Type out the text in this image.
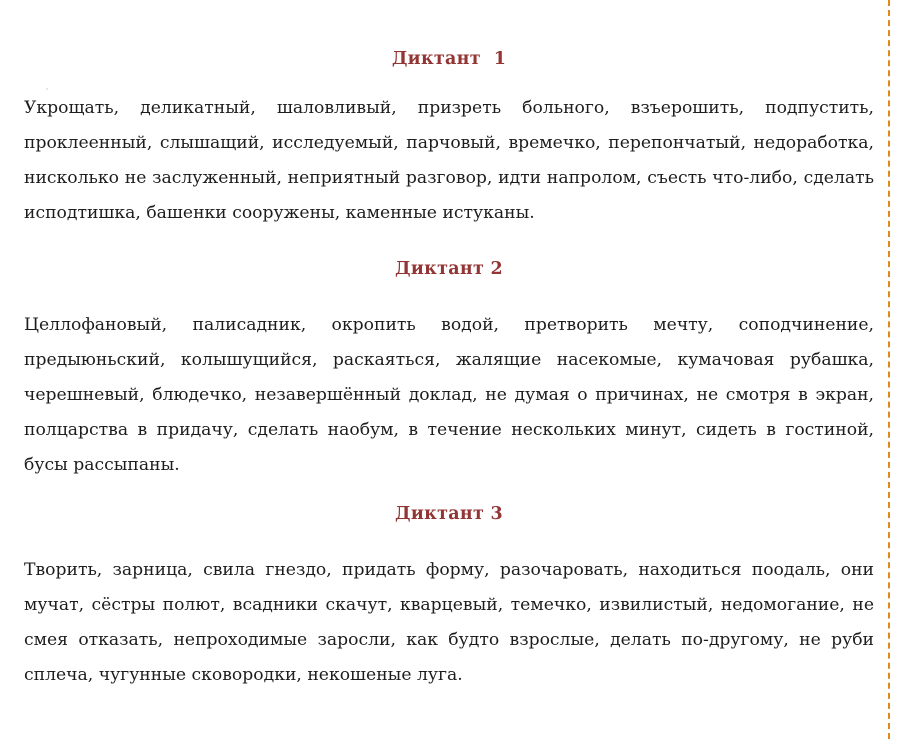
Диктант  1

Укрощать, деликатный, шаловливый, призреть больного, взъерошить, подпустить, проклеенный, слышащий, исследуемый, парчовый, времечко, перепончатый, недоработка, нисколько не заслуженный, неприятный разговор, идти напролом, съесть что-либо, сделать исподтишка, башенки сооружены, каменные истуканы.

Диктант 2

Целлофановый, палисадник, окропить водой, претворить мечту, соподчинение, предыюньский, колышущийся, раскаяться, жалящие насекомые, кумачовая рубашка, черешневый, блюдечко, незавершённый доклад, не думая о причинах, не смотря в экран, полцарства в придачу, сделать наобум, в течение нескольких минут, сидеть в гостиной, бусы рассыпаны.

Диктант 3

Творить, зарница, свила гнездо, придать форму, разочаровать, находиться поодаль, они мучат, сёстры полют, всадники скачут, кварцевый, темечко, извилистый, недомогание, не смея отказать, непроходимые заросли, как будто взрослые, делать по-другому, не руби сплеча, чугунные сковородки, некошеные луга.
